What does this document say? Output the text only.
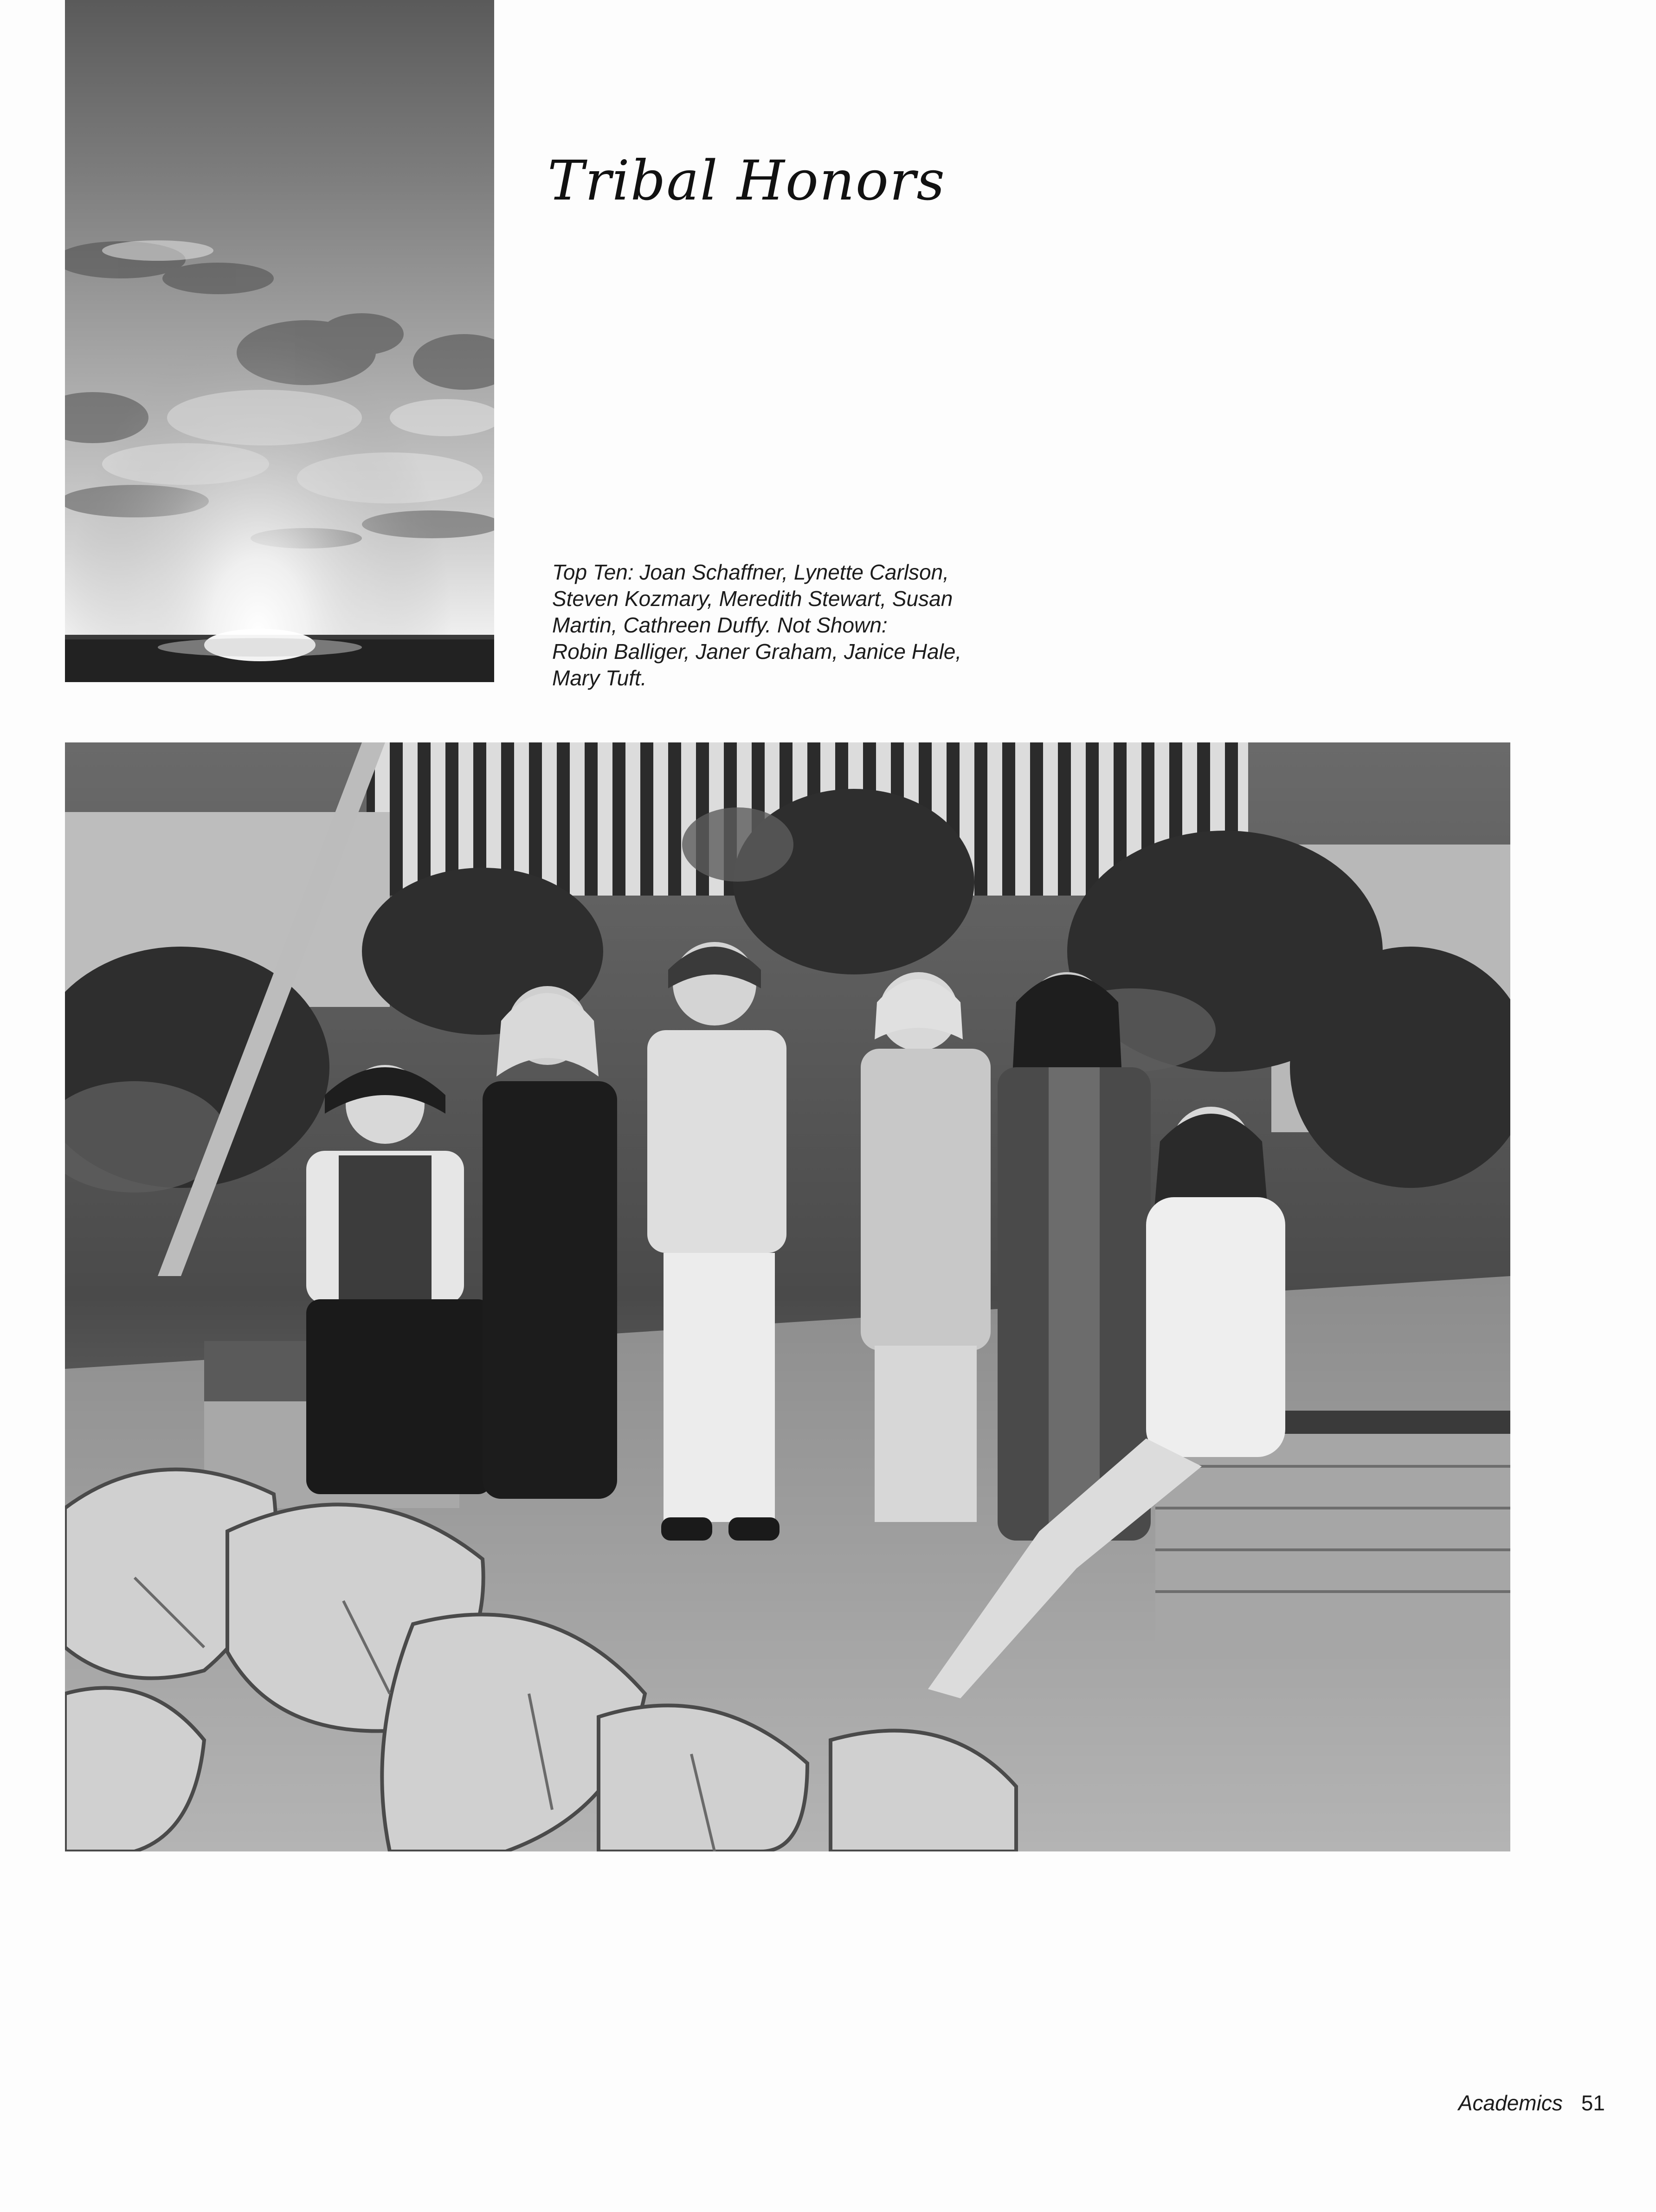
Tribal Honors
Top Ten: Joan Schaffner, Lynette Carlson,
Steven Kozmary, Meredith Stewart, Susan
Martin, Cathreen Duffy. Not Shown:
Robin Balliger, Janer Graham, Janice Hale,
Mary Tuft.
Academics 51
